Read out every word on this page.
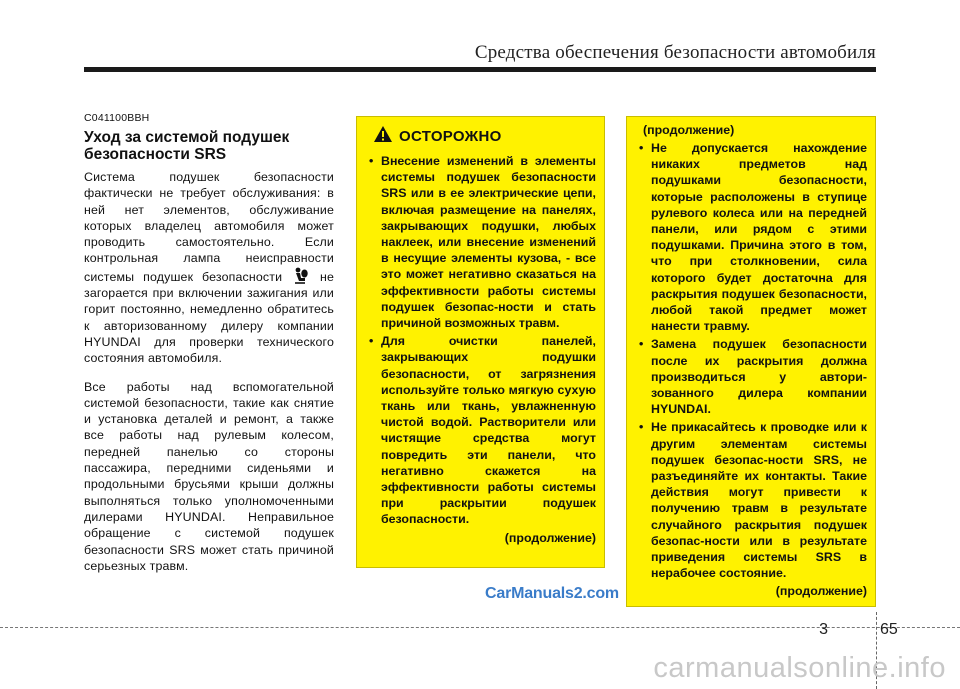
Средства обеспечения безопасности автомобиля
C041100BBH
Уход за системой подушек
безопасности SRS

Система подушек безопасности фактически не требует обслуживания: в ней нет элементов, обслуживание которых владелец автомобиля может проводить самостоятельно. Если контрольная лампа неисправности системы подушек безопасности	не загорается при включении зажигания или горит постоянно, немедленно обратитесь к авторизованному дилеру компании HYUNDAI для проверки технического состояния автомобиля.

Все работы над вспомогательной системой безопасности, такие как снятие и установка деталей и ремонт, а также все работы над рулевым колесом, передней панелью со стороны пассажира, передними сиденьями и продольными брусьями крыши должны выполняться только уполномоченными дилерами HYUNDAI. Неправильное обращение с системой подушек безопасности SRS может стать причиной серьезных травм.

ОСТОРОЖНО
• Внесение изменений в элементы системы подушек безопасности SRS или в ее электрические цепи, включая размещение на панелях, закрывающих подушки, любых наклеек, или внесение изменений в несущие элементы кузова, - все это может негативно сказаться на эффективности работы системы подушек безопас-ности и стать причиной возможных травм.
• Для очистки панелей, закрывающих подушки безопасности, от загрязнения используйте только мягкую сухую ткань или ткань, увлажненную чистой водой. Растворители или чистящие средства могут повредить эти панели, что негативно скажется на эффективности работы системы при раскрытии подушек безопасности.
(продолжение)
(продолжение)
• Не допускается нахождение никаких предметов над подушками безопасности, которые расположены в ступице рулевого колеса или на передней панели, или рядом с этими подушками. Причина этого в том, что при столкновении, сила которого будет достаточна для раскрытия подушек безопасности, любой такой предмет может нанести травму.
• Замена подушек безопасности после их раскрытия должна производиться у автори-зованного дилера компании HYUNDAI.
• Не прикасайтесь к проводке или к другим элементам системы подушек безопас-ности SRS, не разъединяйте их контакты. Такие действия могут привести к получению травм в результате случайного раскрытия подушек безопас-ности или в результате приведения системы SRS в нерабочее состояние.
(продолжение)
CarManuals2.com
3	65
carmanualsonline.info
